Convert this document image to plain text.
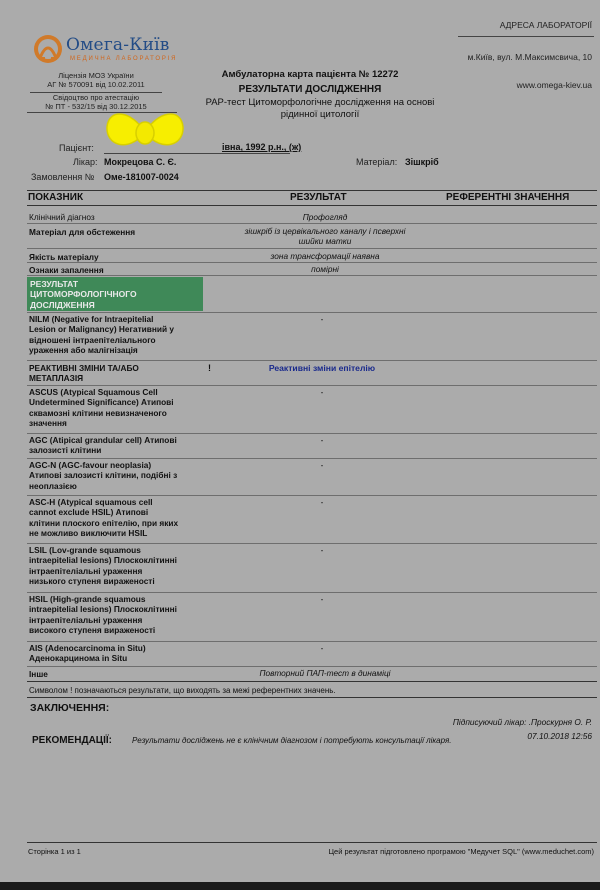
Омега-Київ
МЕДИЧНА ЛАБОРАТОРІЯ
Ліцензія МОЗ України
АГ № 570091 від 10.02.2011
Свідоцтво про атестацію
№ ПТ - 532/15 від 30.12.2015
АДРЕСА ЛАБОРАТОРІЇ
м.Київ, вул. М.Максимсвича, 10
www.omega-kiev.ua
Амбулаторна карта пацієнта № 12272
РЕЗУЛЬТАТИ ДОСЛІДЖЕННЯ
PAP-тест Цитоморфологічне дослідження на основі
рідинної цитології
Пацієнт:	івна, 1992 р.н., (ж)
Лікар: Мокрецова С. Є.	Матеріал: Зішкріб
Замовлення № Оме-181007-0024
ПОКАЗНИК	РЕЗУЛЬТАТ	РЕФЕРЕНТНІ ЗНАЧЕННЯ
Клінічний діагноз	Профогляд
Матеріал для обстеження	зішкріб із цервікального каналу і псверхні
шийки матки
Якість матеріалу	зона трансформації наявна
Ознаки запалення	помірні
РЕЗУЛЬТАТ
ЦИТОМОРФОЛОГІЧНОГО
ДОСЛІДЖЕННЯ
NILM (Negative for Intraepitelial
Lesion or Malignancy) Негативний у
відношені інтраепітеліального
ураження або малігнізація
-
РЕАКТИВНІ ЗМІНИ ТА/АБО
МЕТАПЛАЗІЯ
!	Реактивні зміни епітелію
ASCUS (Atypical Squamous Cell
Undetermined Significance) Атипові
сквамозні клітини невизначеного
значення
-
AGC (Atipical grandular cell) Атипові
залозисті клітини
-
AGC-N (AGC-favour neoplasia)
Атипові залозисті клітини, подібні з
неоплазією
-
ASC-H (Atypical squamous cell
cannot exclude HSIL) Атипові
клітини плоского епітелію, при яких
не можливо виключити HSIL
-
LSIL (Lov-grande squamous
intraepitelial lesions) Плоскоклітинні
інтраепітеліальні ураження
низького ступеня вираженості
-
HSIL (High-grande squamous
intraepitelial lesions) Плоскоклітинні
інтраепітеліальні ураження
високого ступеня вираженості
-
AIS (Adenocarcinoma in Situ)
Аденокарцинома in Situ
-
Інше	Повторний ПАП-тест в динаміці
Символом ! позначаються результати, що виходять за межі референтних значень.
ЗАКЛЮЧЕННЯ:
Підписуючий лікар: .Проскурня О. Р.
07.10.2018 12:56
РЕКОМЕНДАЦІЇ:	Результати досліджень не є клінічним діагнозом і потребують консультації лікаря.
Сторінка 1 из 1	Цей результат підготовлено програмою "Медучет SQL" (www.meduchet.com)
